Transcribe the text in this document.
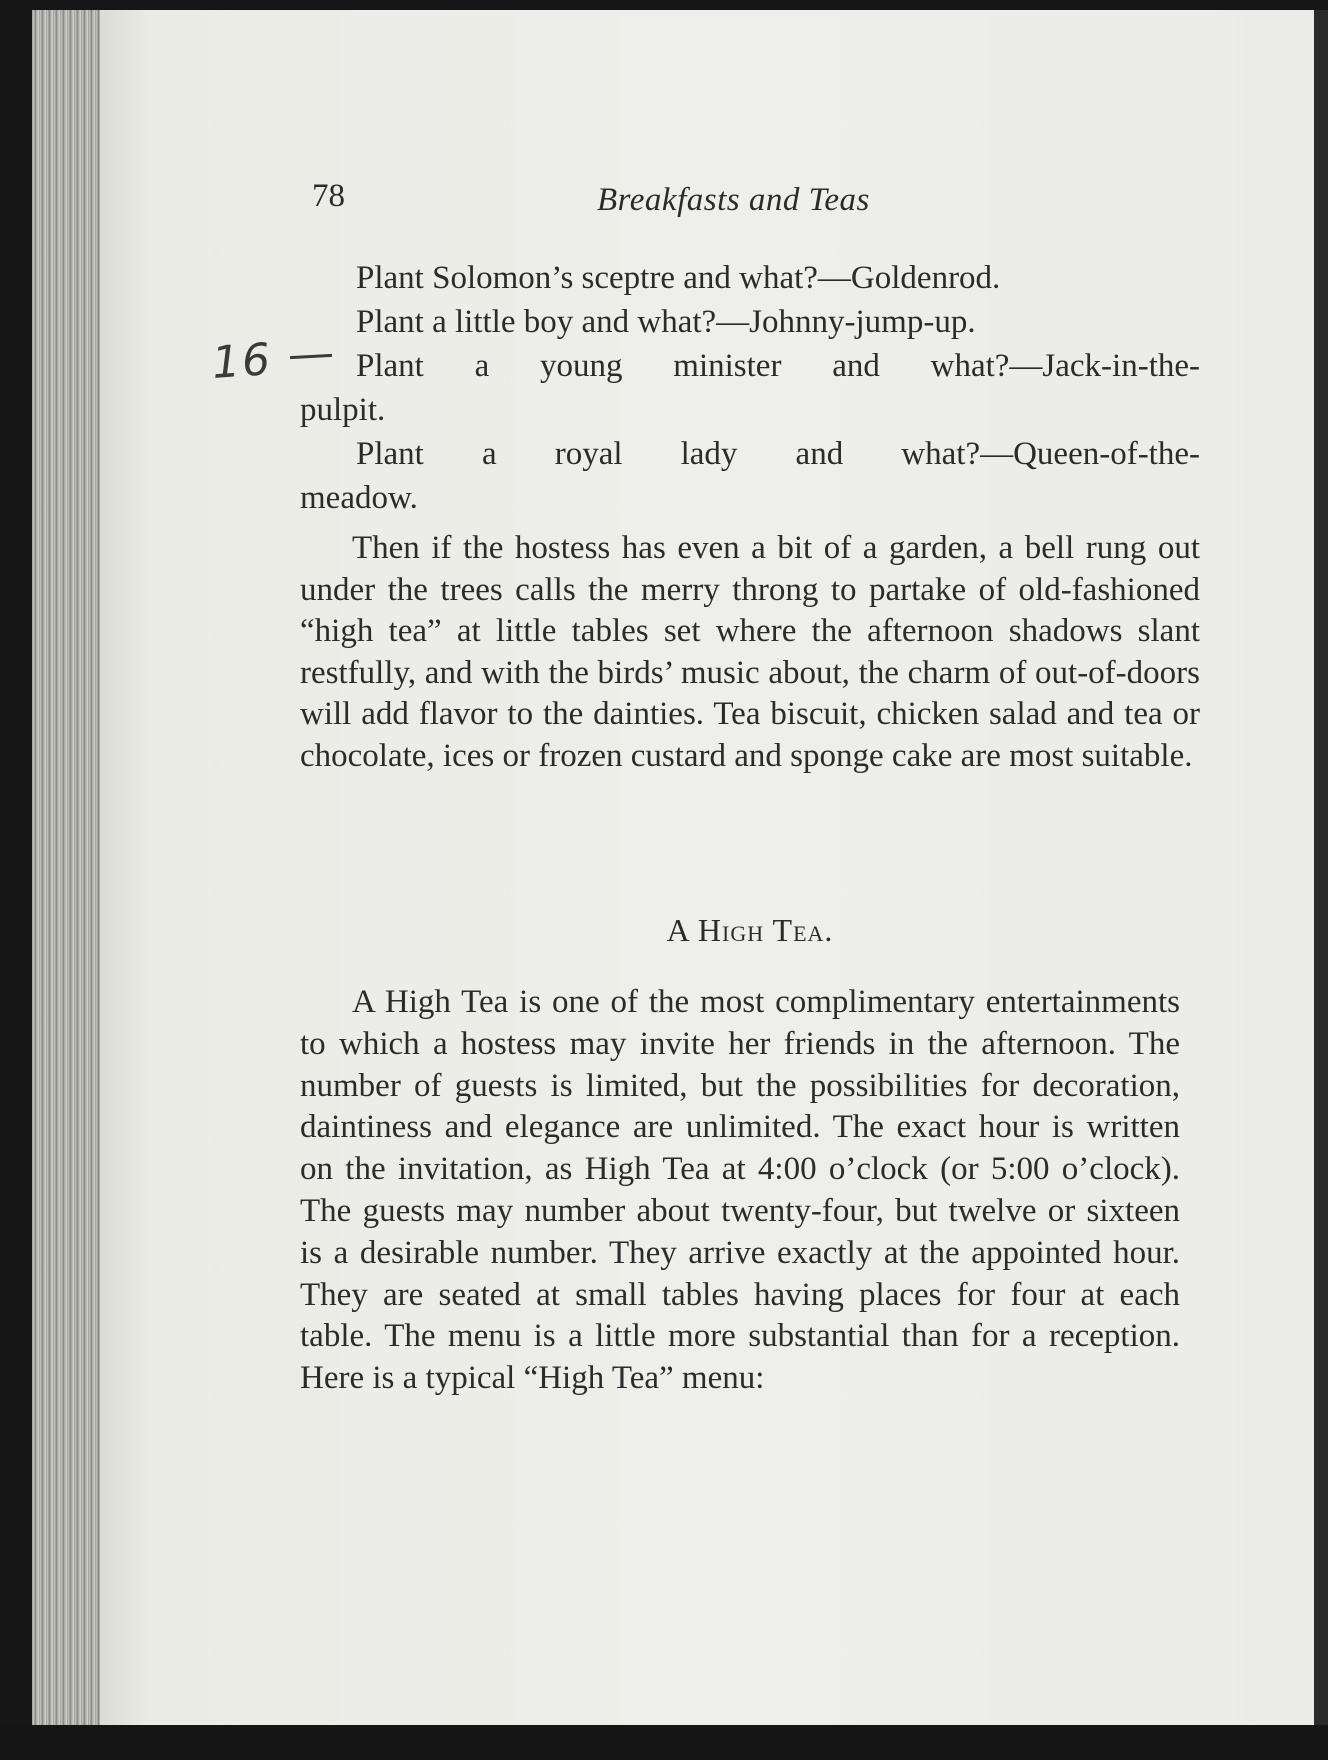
78	Breakfasts and Teas
16
Plant Solomon’s sceptre and what?—Goldenrod.
Plant a little boy and what?—Johnny-jump-up.
Plant a young minister and what?—Jack-in-the-
pulpit.
Plant a royal lady and what?—Queen-of-the-
meadow.

Then if the hostess has even a bit of a garden, a bell rung out under the trees calls the merry throng to partake of old-fashioned “high tea” at little tables set where the afternoon shadows slant restfully, and with the birds’ music about, the charm of out-of-doors will add flavor to the dainties. Tea biscuit, chicken salad and tea or chocolate, ices or frozen custard and sponge cake are most suitable.

A High Tea.

A High Tea is one of the most complimentary entertainments to which a hostess may invite her friends in the afternoon. The number of guests is limited, but the possibilities for decoration, daintiness and elegance are unlimited. The exact hour is written on the invitation, as High Tea at 4:00 o’clock (or 5:00 o’clock). The guests may number about twenty-four, but twelve or sixteen is a desirable number. They arrive exactly at the appointed hour. They are seated at small tables having places for four at each table. The menu is a little more substantial than for a reception. Here is a typical “High Tea” menu:
